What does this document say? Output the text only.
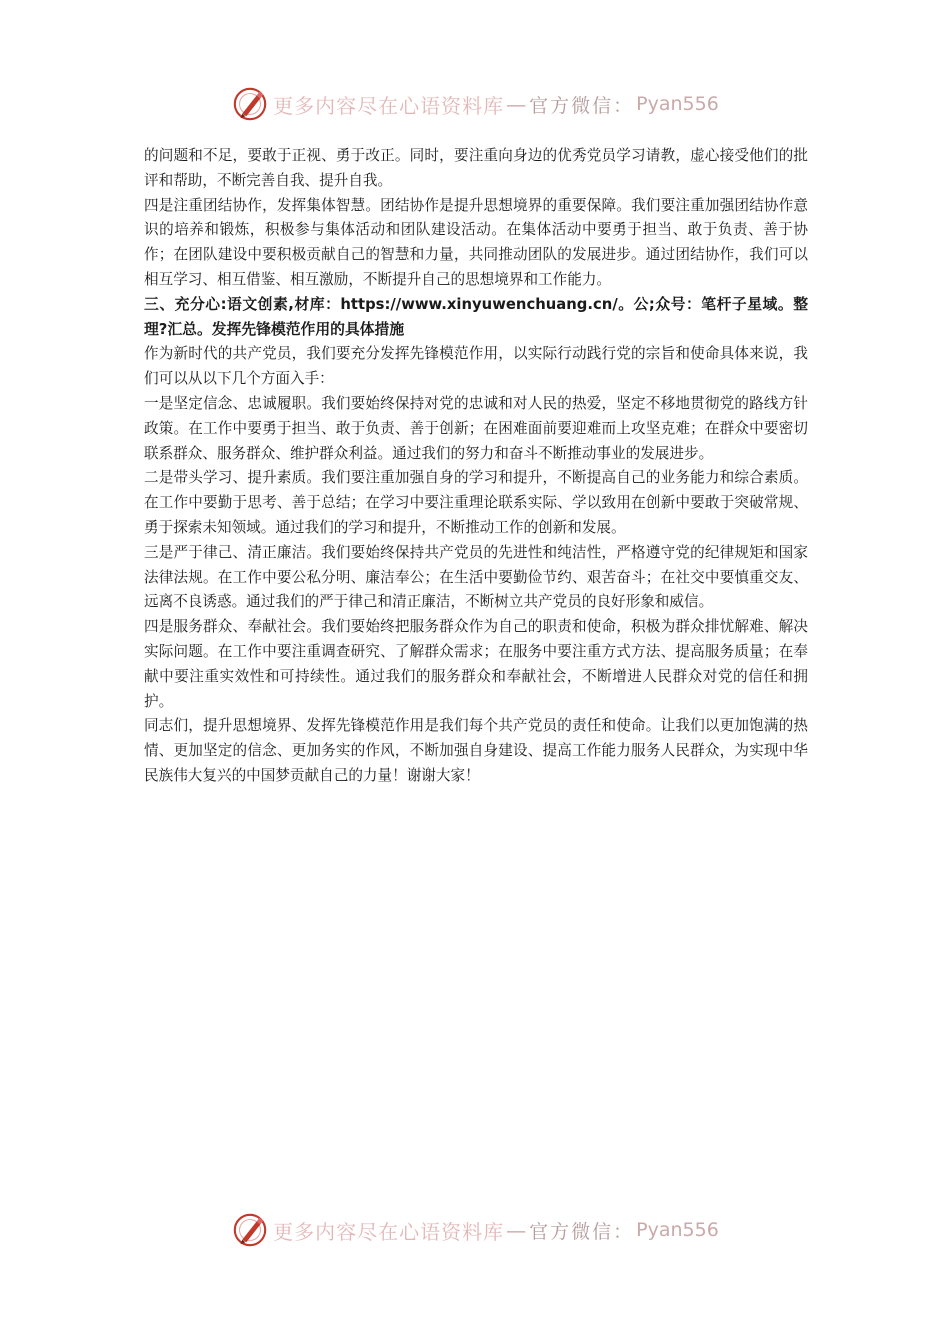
更多内容尽在心语资料库 — 官方微信： Pyan556

的问题和不足，要敢于正视、勇于改正。同时，要注重向身边的优秀党员学习请教，虚心接受他们的批评和帮助，不断完善自我、提升自我。

四是注重团结协作，发挥集体智慧。团结协作是提升思想境界的重要保障。我们要注重加强团结协作意识的培养和锻炼，积极参与集体活动和团队建设活动。在集体活动中要勇于担当、敢于负责、善于协作；在团队建设中要积极贡献自己的智慧和力量，共同推动团队的发展进步。通过团结协作，我们可以相互学习、相互借鉴、相互激励，不断提升自己的思想境界和工作能力。

三、充分心:语文创素,材库：https://www.xinyuwenchuang.cn/。公;众号：笔杆子星域。整理?汇总。发挥先锋模范作用的具体措施

作为新时代的共产党员，我们要充分发挥先锋模范作用，以实际行动践行党的宗旨和使命具体来说，我们可以从以下几个方面入手：

一是坚定信念、忠诚履职。我们要始终保持对党的忠诚和对人民的热爱，坚定不移地贯彻党的路线方针政策。在工作中要勇于担当、敢于负责、善于创新；在困难面前要迎难而上攻坚克难；在群众中要密切联系群众、服务群众、维护群众利益。通过我们的努力和奋斗不断推动事业的发展进步。

二是带头学习、提升素质。我们要注重加强自身的学习和提升，不断提高自己的业务能力和综合素质。在工作中要勤于思考、善于总结；在学习中要注重理论联系实际、学以致用在创新中要敢于突破常规、勇于探索未知领域。通过我们的学习和提升，不断推动工作的创新和发展。

三是严于律己、清正廉洁。我们要始终保持共产党员的先进性和纯洁性，严格遵守党的纪律规矩和国家法律法规。在工作中要公私分明、廉洁奉公；在生活中要勤俭节约、艰苦奋斗；在社交中要慎重交友、远离不良诱惑。通过我们的严于律己和清正廉洁，不断树立共产党员的良好形象和威信。

四是服务群众、奉献社会。我们要始终把服务群众作为自己的职责和使命，积极为群众排忧解难、解决实际问题。在工作中要注重调查研究、了解群众需求；在服务中要注重方式方法、提高服务质量；在奉献中要注重实效性和可持续性。通过我们的服务群众和奉献社会，不断增进人民群众对党的信任和拥护。

同志们，提升思想境界、发挥先锋模范作用是我们每个共产党员的责任和使命。让我们以更加饱满的热情、更加坚定的信念、更加务实的作风，不断加强自身建设、提高工作能力服务人民群众，为实现中华民族伟大复兴的中国梦贡献自己的力量！谢谢大家！

更多内容尽在心语资料库 — 官方微信： Pyan556
